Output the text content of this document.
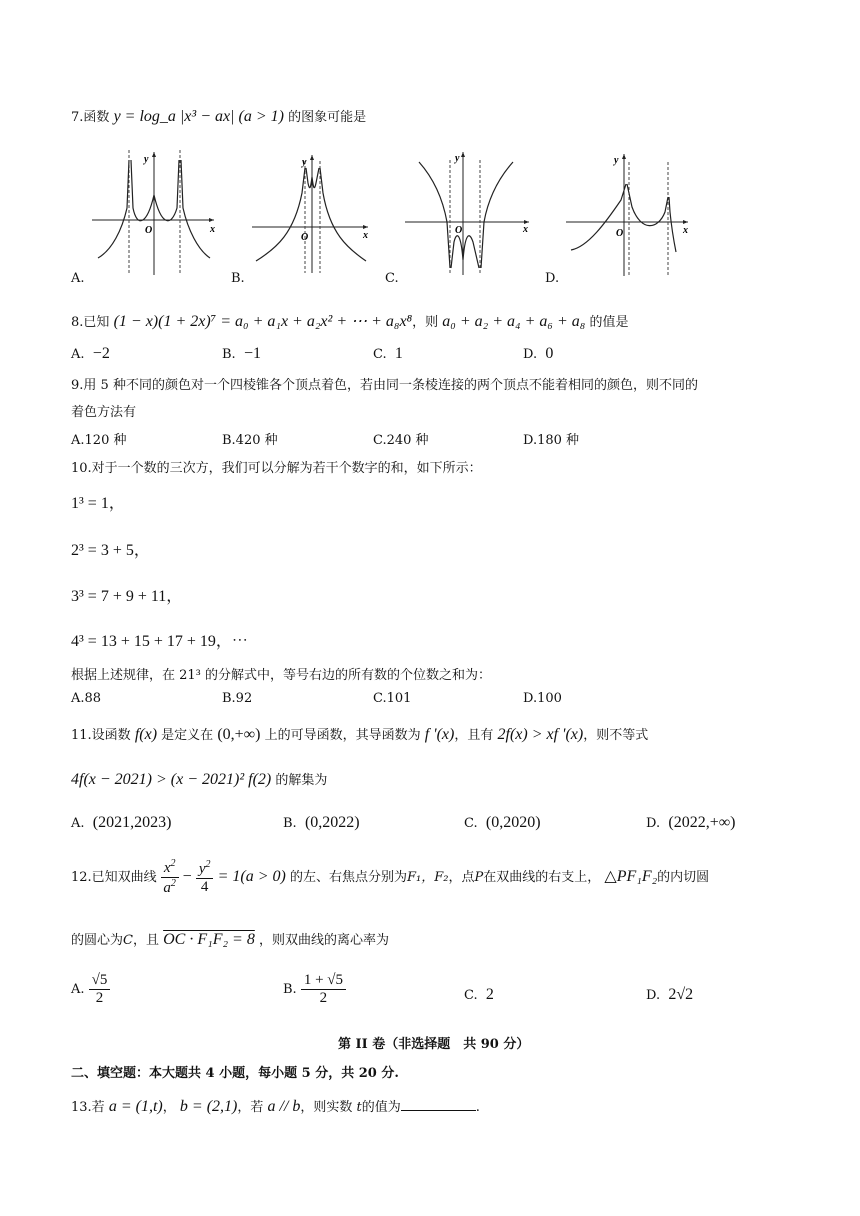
7.函数 y = log_a |x³ − ax| (a > 1) 的图象可能是
y
x
O
y
x
O
y
x
O
y
x
O
A.	B.	C.	D.
8.已知 (1 − x)(1 + 2x)⁷ = a₀ + a₁x + a₂x² + ⋯ + a₈x⁸，则 a₀ + a₂ + a₄ + a₆ + a₈ 的值是
A. −2	B. −1	C. 1	D. 0
9.用 5 种不同的颜色对一个四棱锥各个顶点着色，若由同一条棱连接的两个顶点不能着相同的颜色，则不同的
着色方法有
A.120 种	B.420 种	C.240 种	D.180 种
10.对于一个数的三次方，我们可以分解为若干个数字的和，如下所示：
1³ = 1，
2³ = 3 + 5，
3³ = 7 + 9 + 11，
4³ = 13 + 15 + 17 + 19，⋯
根据上述规律，在 21³ 的分解式中，等号右边的所有数的个位数之和为：
A.88	B.92	C.101	D.100
11.设函数 f(x) 是定义在 (0,+∞) 上的可导函数，其导函数为 f '(x)，且有 2f(x) > xf '(x)，则不等式
4f(x − 2021) > (x − 2021)² f(2) 的解集为
A. (2021,2023)	B. (0,2022)	C. (0,2020)	D. (2022,+∞)
12.已知双曲线 $\frac{x^2}{a^2} - \frac{y^2}{4} = 1(a > 0)$ 的左、右焦点分别为F₁，F₂，点P在双曲线的右支上， △PF₁F₂的内切圆
的圆心为C，且 OC · F₁F₂ = 8 ，则双曲线的离心率为
A. $\frac{√5}{2}$	B. $\frac{1 + √5}{2}$	C. 2	D. 2√2
第 II 卷（非选择题　共 90 分）
二、填空题：本大题共 4 小题，每小题 5 分，共 20 分.
13.若 a = (1,t)， b = (2,1)，若 a // b，则实数 t的值为	.
